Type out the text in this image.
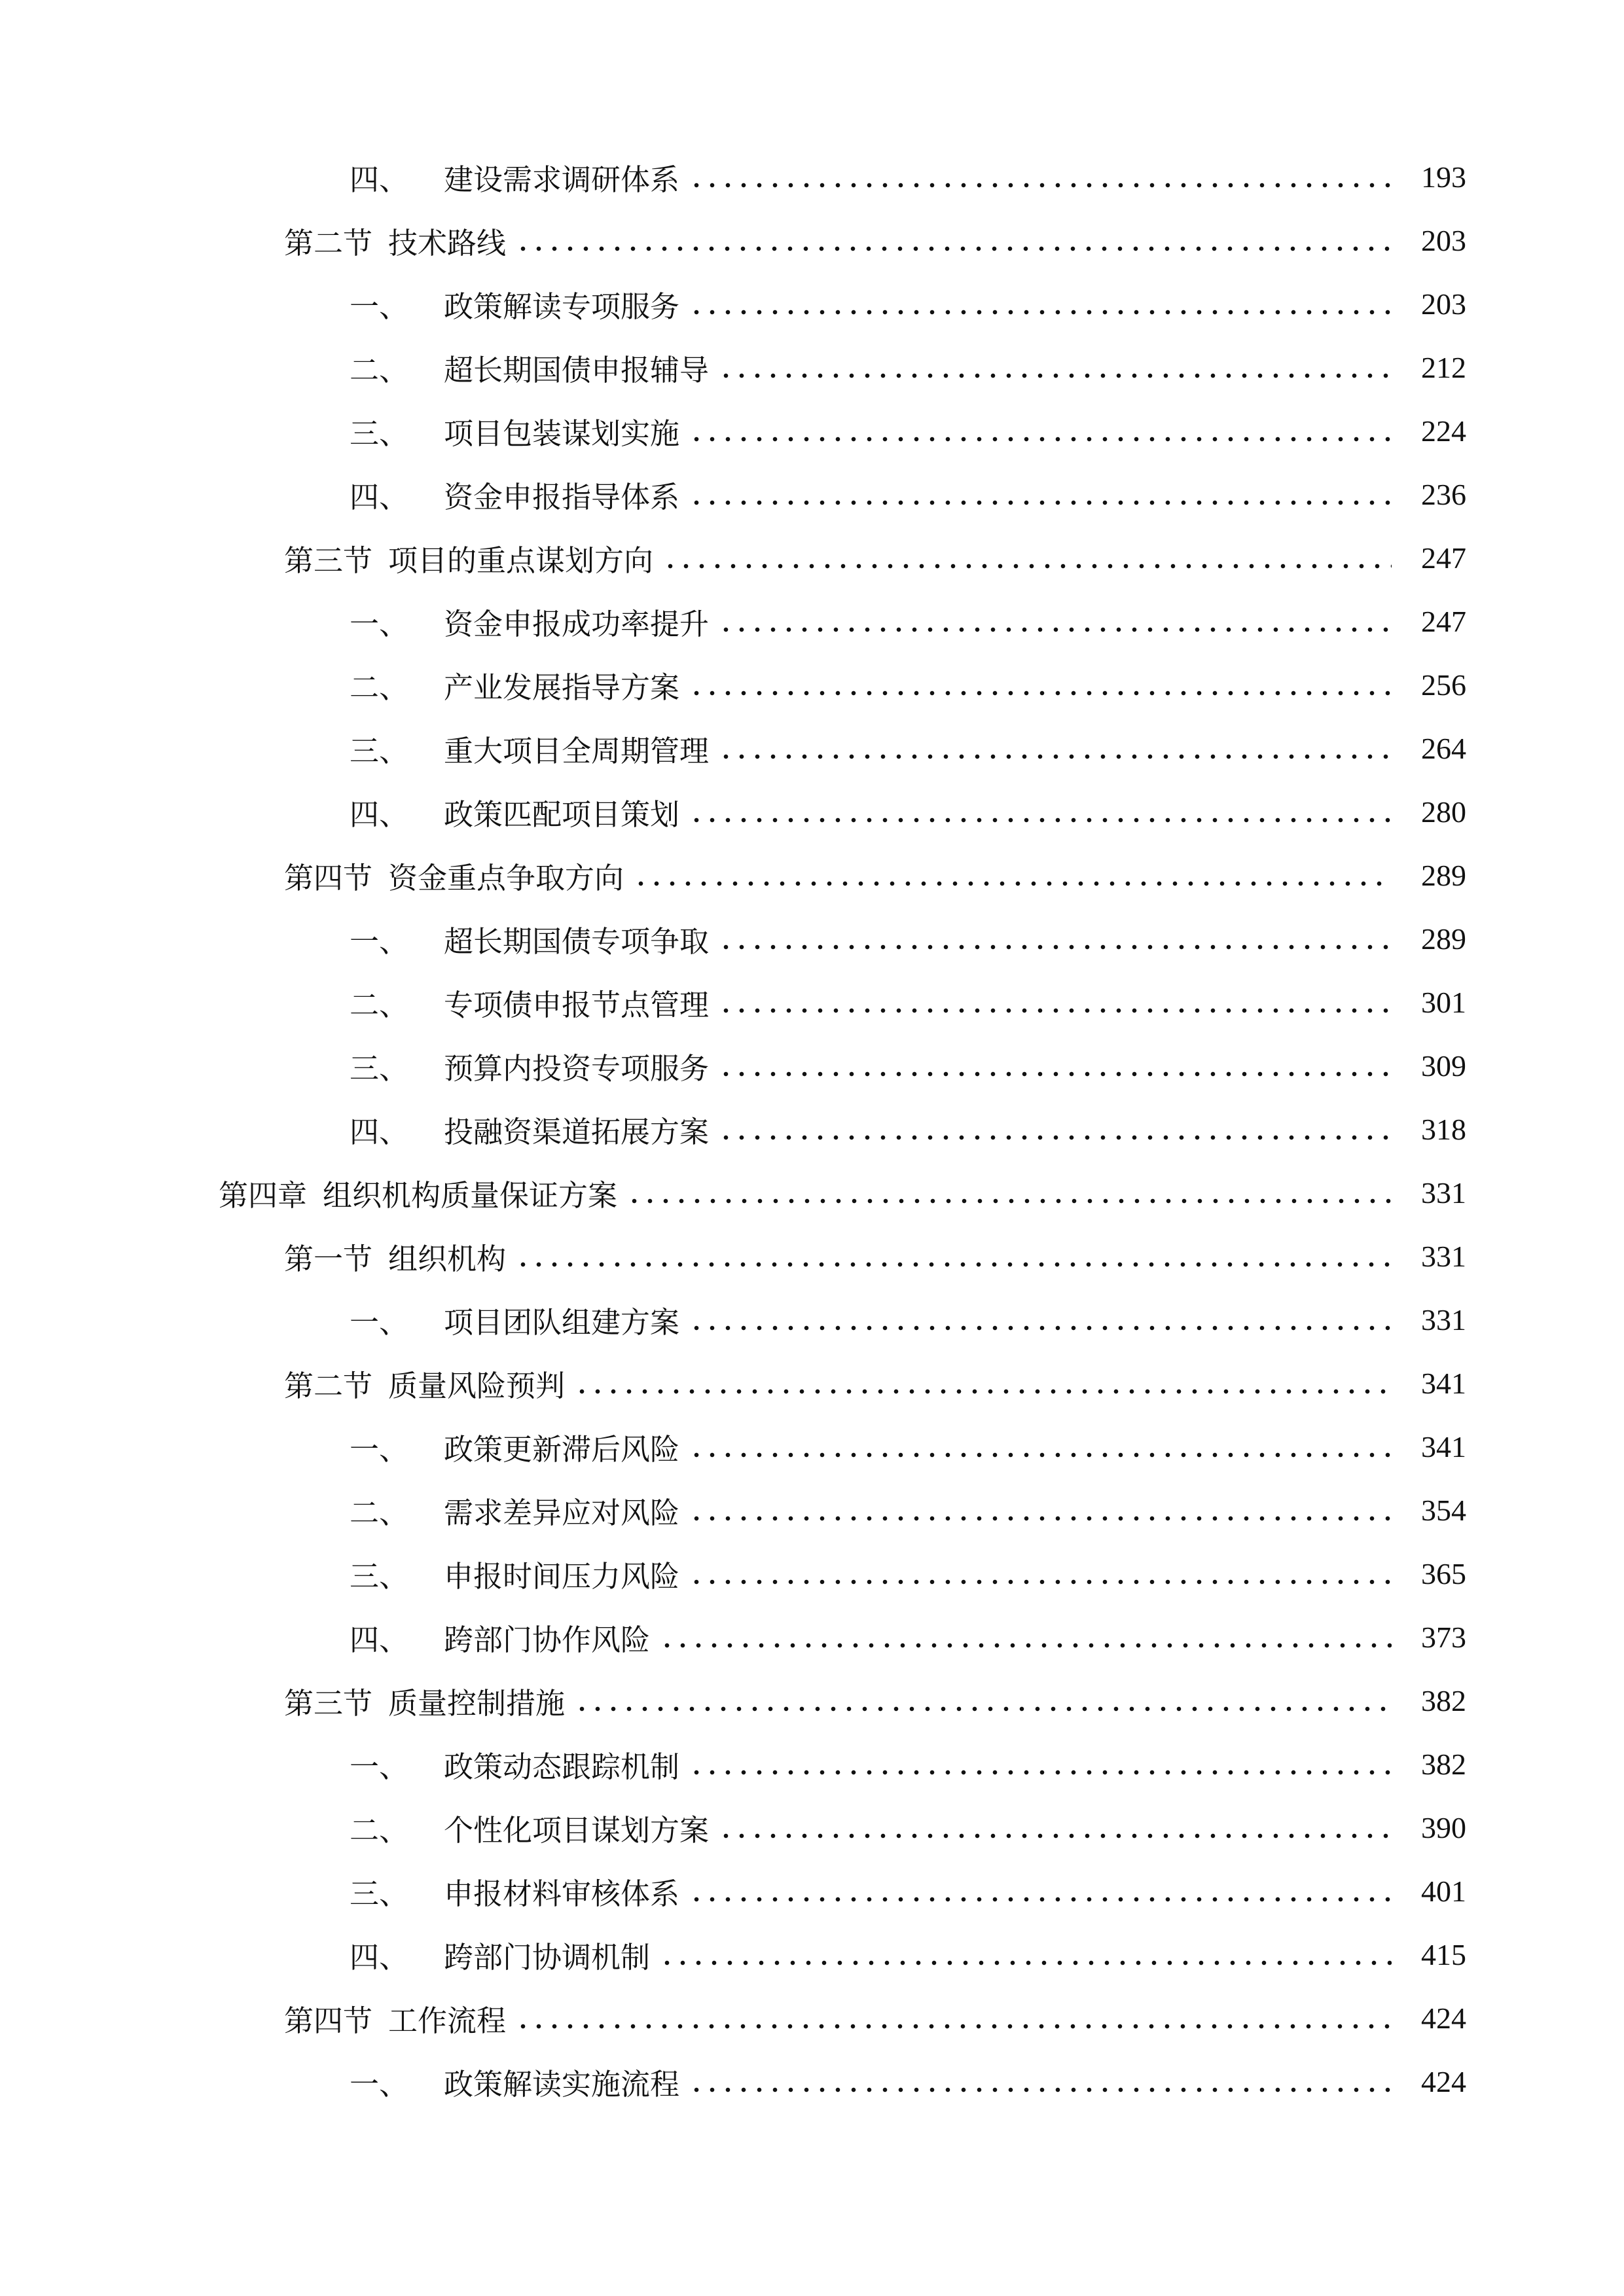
四、	建设需求调研体系	193
第二节 技术路线	203
一、	政策解读专项服务	203
二、	超长期国债申报辅导	212
三、	项目包装谋划实施	224
四、	资金申报指导体系	236
第三节 项目的重点谋划方向	247
一、	资金申报成功率提升	247
二、	产业发展指导方案	256
三、	重大项目全周期管理	264
四、	政策匹配项目策划	280
第四节 资金重点争取方向	289
一、	超长期国债专项争取	289
二、	专项债申报节点管理	301
三、	预算内投资专项服务	309
四、	投融资渠道拓展方案	318
第四章 组织机构质量保证方案	331
第一节 组织机构	331
一、	项目团队组建方案	331
第二节 质量风险预判	341
一、	政策更新滞后风险	341
二、	需求差异应对风险	354
三、	申报时间压力风险	365
四、	跨部门协作风险	373
第三节 质量控制措施	382
一、	政策动态跟踪机制	382
二、	个性化项目谋划方案	390
三、	申报材料审核体系	401
四、	跨部门协调机制	415
第四节 工作流程	424
一、	政策解读实施流程	424
